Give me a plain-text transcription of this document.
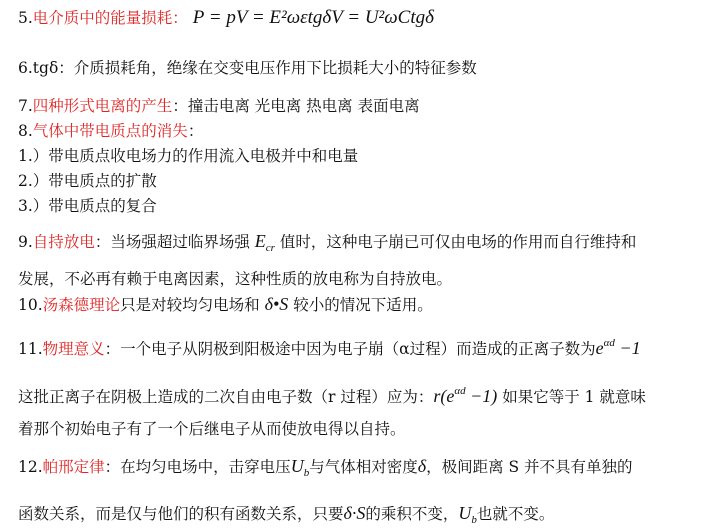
5.电介质中的能量损耗： P = pV = E²ωεtgδV = U²ωCtgδ
6.tgδ：介质损耗角，绝缘在交变电压作用下比损耗大小的特征参数
7.四种形式电离的产生：撞击电离 光电离 热电离 表面电离
8.气体中带电质点的消失：
1.）带电质点收电场力的作用流入电极并中和电量
2.）带电质点的扩散
3.）带电质点的复合
9.自持放电：当场强超过临界场强 $E_{cr}$ 值时，这种电子崩已可仅由电场的作用而自行维持和
发展，不必再有赖于电离因素，这种性质的放电称为自持放电。
10.汤森德理论只是对较均匀电场和 δ•S 较小的情况下适用。
11.物理意义：一个电子从阴极到阳极途中因为电子崩（α过程）而造成的正离子数为$e^{\alpha d} -1$
这批正离子在阴极上造成的二次自由电子数（r 过程）应为：$r(e^{\alpha d} -1)$ 如果它等于 1 就意味
着那个初始电子有了一个后继电子从而使放电得以自持。
12.帕邢定律：在均匀电场中，击穿电压$U_b$与气体相对密度δ，极间距离 S 并不具有单独的
函数关系，而是仅与他们的积有函数关系，只要δ·S的乘积不变，$U_b$也就不变。
